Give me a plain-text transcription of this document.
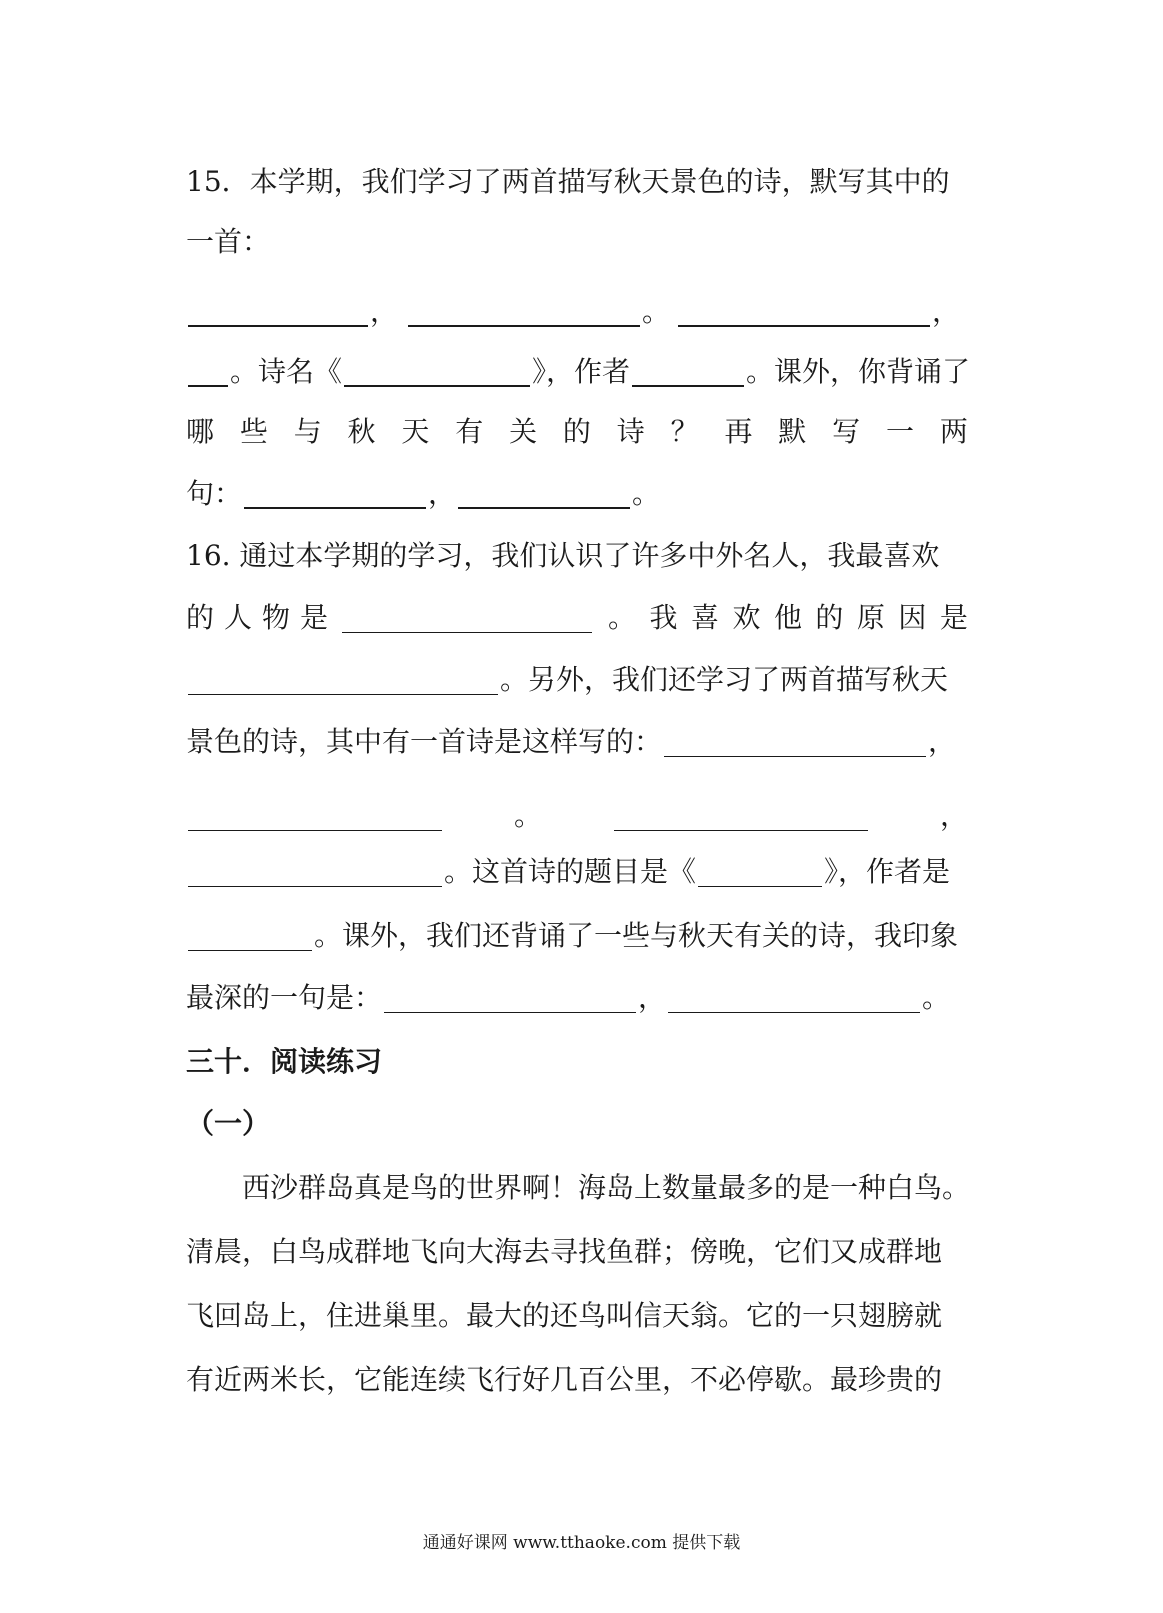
15．本学期，我们学习了两首描写秋天景色的诗，默写其中的
一首：
，	。	，
。诗名《	》，作者	。课外，你背诵了
哪 些 与 秋 天 有 关 的 诗 ？ 再 默 写 一 两
句：	，	。
16. 通过本学期的学习，我们认识了许多中外名人，我最喜欢
的 人 物 是	。 我 喜 欢 他 的 原 因 是
。另外，我们还学习了两首描写秋天
景色的诗，其中有一首诗是这样写的：	，
。	，
。这首诗的题目是《	》，作者是
。课外，我们还背诵了一些与秋天有关的诗，我印象
最深的一句是：	，	。
三十．阅读练习
（一）
　　西沙群岛真是鸟的世界啊！海岛上数量最多的是一种白鸟。
清晨，白鸟成群地飞向大海去寻找鱼群；傍晚，它们又成群地
飞回岛上，住进巢里。最大的还鸟叫信天翁。它的一只翅膀就
有近两米长，它能连续飞行好几百公里，不必停歇。最珍贵的
通通好课网 www.tthaoke.com 提供下载
